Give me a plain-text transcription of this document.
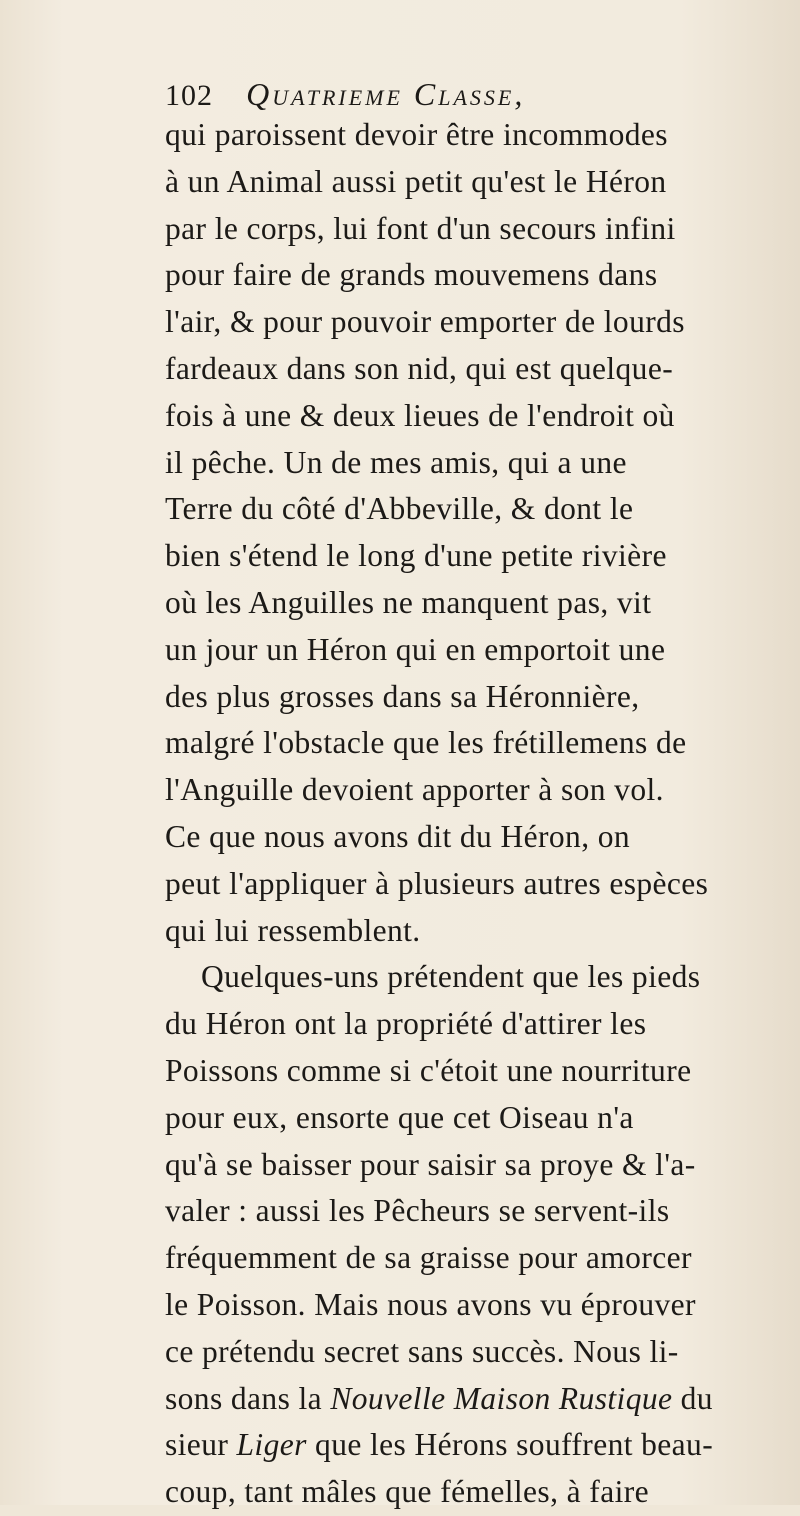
102 Quatrieme Classe,
qui paroissent devoir être incommodes
à un Animal aussi petit qu'est le Héron
par le corps, lui font d'un secours infini
pour faire de grands mouvemens dans
l'air, & pour pouvoir emporter de lourds
fardeaux dans son nid, qui est quelque-
fois à une & deux lieues de l'endroit où
il pêche. Un de mes amis, qui a une
Terre du côté d'Abbeville, & dont le
bien s'étend le long d'une petite rivière
où les Anguilles ne manquent pas, vit
un jour un Héron qui en emportoit une
des plus grosses dans sa Héronnière,
malgré l'obstacle que les frétillemens de
l'Anguille devoient apporter à son vol.
Ce que nous avons dit du Héron, on
peut l'appliquer à plusieurs autres espèces
qui lui ressemblent.
Quelques-uns prétendent que les pieds
du Héron ont la propriété d'attirer les
Poissons comme si c'étoit une nourriture
pour eux, ensorte que cet Oiseau n'a
qu'à se baisser pour saisir sa proye & l'a-
valer : aussi les Pêcheurs se servent-ils
fréquemment de sa graisse pour amorcer
le Poisson. Mais nous avons vu éprouver
ce prétendu secret sans succès. Nous li-
sons dans la Nouvelle Maison Rustique du
sieur Liger que les Hérons souffrent beau-
coup, tant mâles que fémelles, à faire
